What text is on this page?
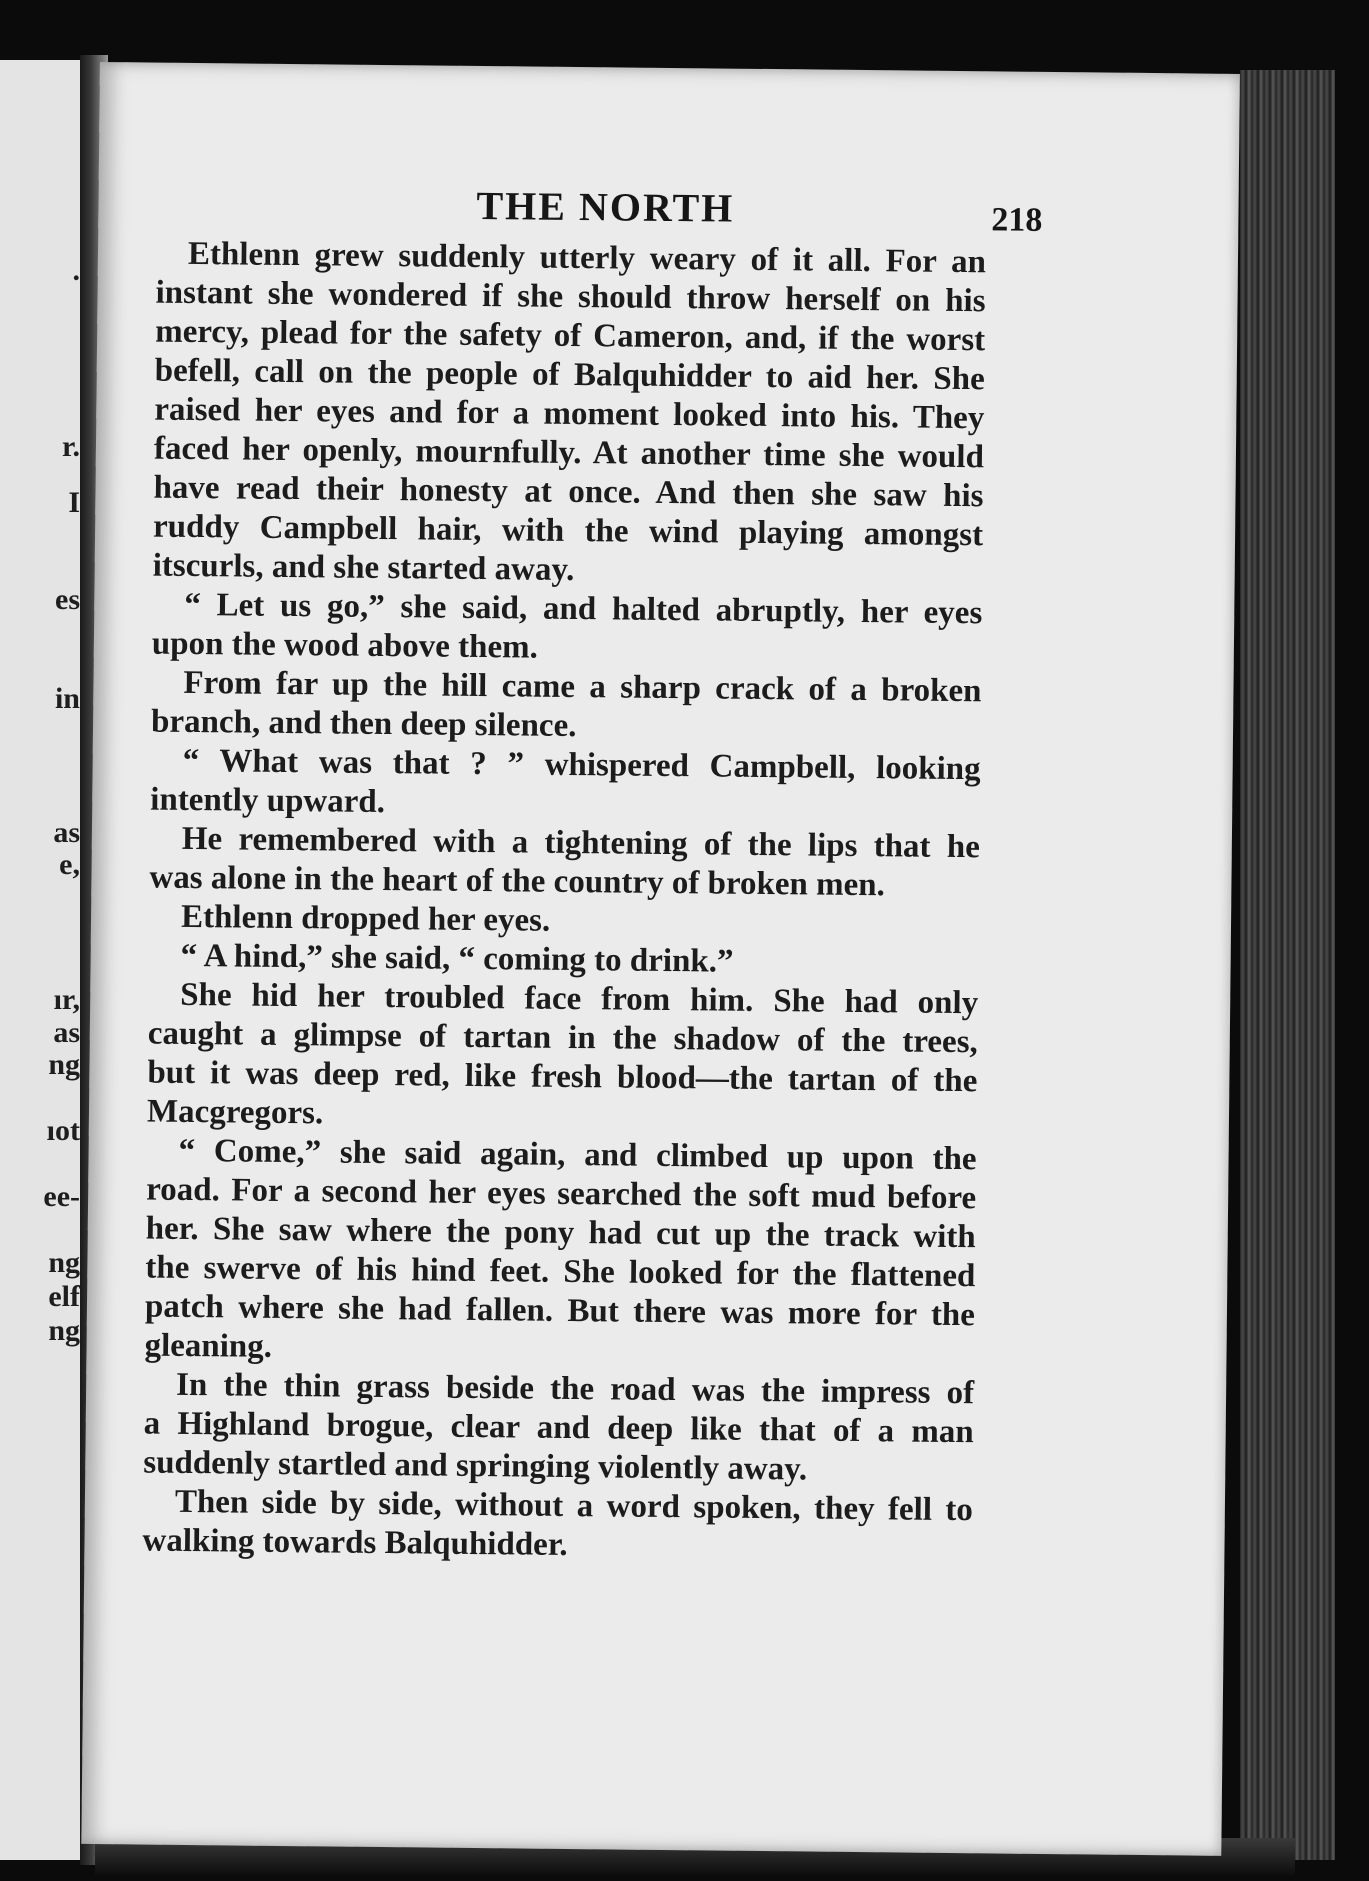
.
r.
I
es
in
as
e,
ır,
as
ng
ıot
ee-
ng
elf
ng
THE NORTH	218

Ethlenn grew suddenly utterly weary of it all. For an
instant she wondered if she should throw herself on his
mercy, plead for the safety of Cameron, and, if the worst
befell, call on the people of Balquhidder to aid her. She
raised her eyes and for a moment looked into his. They
faced her openly, mournfully. At another time she would
have read their honesty at once. And then she saw his
ruddy Campbell hair, with the wind playing amongst
itscurls, and she started away.

“ Let us go,” she said, and halted abruptly, her eyes
upon the wood above them.

From far up the hill came a sharp crack of a broken
branch, and then deep silence.

“ What was that ? ” whispered Campbell, looking
intently upward.

He remembered with a tightening of the lips that he
was alone in the heart of the country of broken men.

Ethlenn dropped her eyes.

“ A hind,” she said, “ coming to drink.”

She hid her troubled face from him. She had only
caught a glimpse of tartan in the shadow of the trees,
but it was deep red, like fresh blood—the tartan of the
Macgregors.

“ Come,” she said again, and climbed up upon the
road. For a second her eyes searched the soft mud before
her. She saw where the pony had cut up the track with
the swerve of his hind feet. She looked for the flattened
patch where she had fallen. But there was more for the
gleaning.

In the thin grass beside the road was the impress of
a Highland brogue, clear and deep like that of a man
suddenly startled and springing violently away.

Then side by side, without a word spoken, they fell to
walking towards Balquhidder.
